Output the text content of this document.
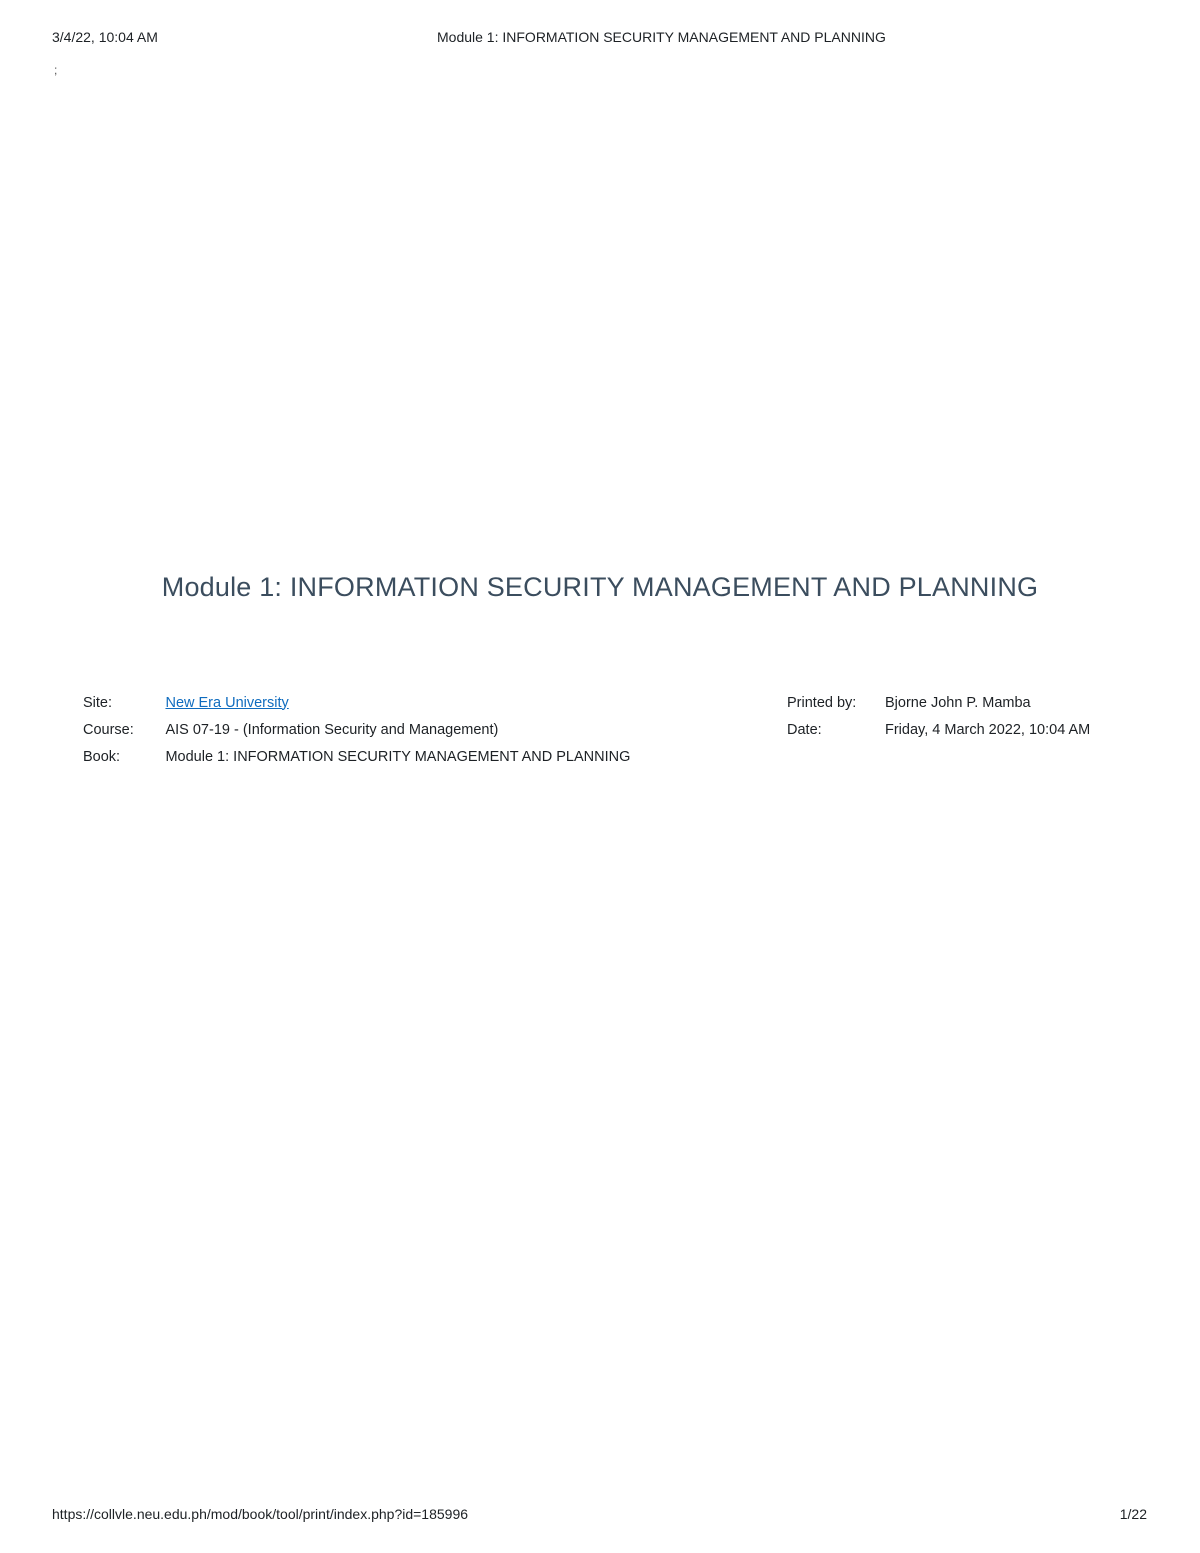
3/4/22, 10:04 AM	Module 1: INFORMATION SECURITY MANAGEMENT AND PLANNING
;
Module 1: INFORMATION SECURITY MANAGEMENT AND PLANNING
Site:	New Era University
Course:	AIS 07-19 - (Information Security and Management)
Book:	Module 1: INFORMATION SECURITY MANAGEMENT AND PLANNING
Printed by:	Bjorne John P. Mamba
Date:	Friday, 4 March 2022, 10:04 AM
https://collvle.neu.edu.ph/mod/book/tool/print/index.php?id=185996	1/22
